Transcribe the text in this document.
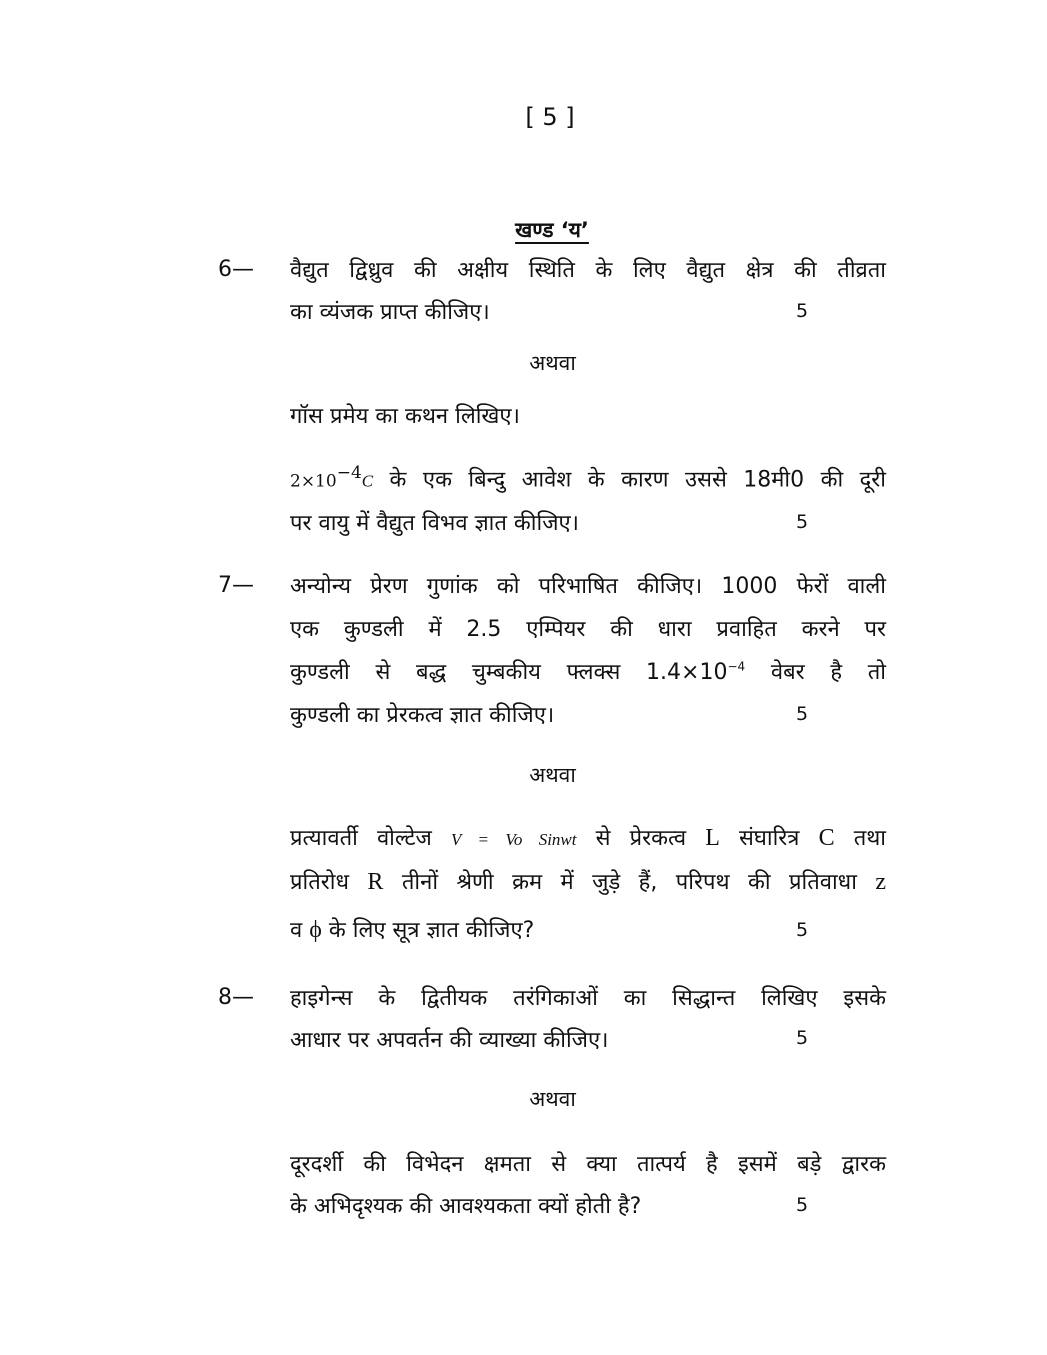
[ 5 ]
खण्ड ‘य’
6— वैद्युत द्विध्रुव की अक्षीय स्थिति के लिए वैद्युत क्षेत्र की तीव्रता
का व्यंजक प्राप्त कीजिए।	5
अथवा
गॉस प्रमेय का कथन लिखिए।
$2\times 10^{-4}C$ के एक बिन्दु आवेश के कारण उससे 18मी0 की दूरी
पर वायु में वैद्युत विभव ज्ञात कीजिए।	5
7— अन्योन्य प्रेरण गुणांक को परिभाषित कीजिए। 1000 फेरों वाली
एक कुण्डली में 2.5 एम्पियर की धारा प्रवाहित करने पर
कुण्डली से बद्ध चुम्बकीय फ्लक्स $1.4\times 10^{-4}$ वेबर है तो
कुण्डली का प्रेरकत्व ज्ञात कीजिए।	5
अथवा
प्रत्यावर्ती वोल्टेज V = Vo Sinwt से प्रेरकत्व L संघारित्र C तथा
प्रतिरोध R तीनों श्रेणी क्रम में जुड़े हैं, परिपथ की प्रतिवाधा z
व ϕ के लिए सूत्र ज्ञात कीजिए?	5
8— हाइगेन्स के द्वितीयक तरंगिकाओं का सिद्धान्त लिखिए इसके
आधार पर अपवर्तन की व्याख्या कीजिए।	5
अथवा
दूरदर्शी की विभेदन क्षमता से क्या तात्पर्य है इसमें बड़े द्वारक
के अभिदृश्यक की आवश्यकता क्यों होती है?	5
